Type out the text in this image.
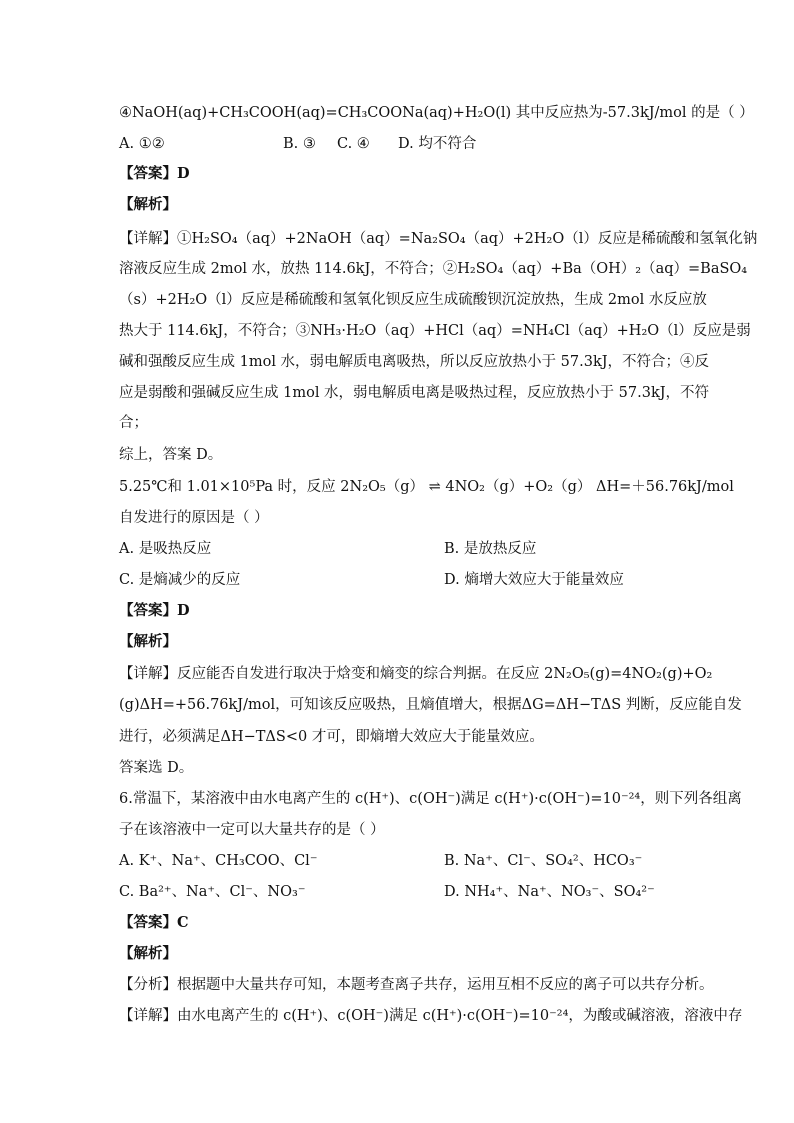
④NaOH(aq)+CH₃COOH(aq)=CH₃COONa(aq)+H₂O(l) 其中反应热为-57.3kJ/mol 的是（ ）
A. ①②	B. ③ C. ④ D. 均不符合
【答案】D
【解析】
【详解】①H₂SO₄（aq）+2NaOH（aq）=Na₂SO₄（aq）+2H₂O（l）反应是稀硫酸和氢氧化钠
溶液反应生成 2mol 水，放热 114.6kJ，不符合；②H₂SO₄（aq）+Ba（OH）₂（aq）=BaSO₄
（s）+2H₂O（l）反应是稀硫酸和氢氧化钡反应生成硫酸钡沉淀放热，生成 2mol 水反应放
热大于 114.6kJ，不符合；③NH₃·H₂O（aq）+HCl（aq）=NH₄Cl（aq）+H₂O（l）反应是弱
碱和强酸反应生成 1mol 水，弱电解质电离吸热，所以反应放热小于 57.3kJ，不符合；④反
应是弱酸和强碱反应生成 1mol 水，弱电解质电离是吸热过程，反应放热小于 57.3kJ，不符
合；
综上，答案 D。
5.25℃和 1.01×10⁵Pa 时，反应 2N₂O₅（g） ⇌ 4NO₂（g）+O₂（g） ΔH=＋56.76kJ/mol
自发进行的原因是（ ）
A. 是吸热反应	B. 是放热反应
C. 是熵减少的反应	D. 熵增大效应大于能量效应
【答案】D
【解析】
【详解】反应能否自发进行取决于焓变和熵变的综合判据。在反应 2N₂O₅(g)=4NO₂(g)+O₂
(g)ΔH=+56.76kJ/mol，可知该反应吸热，且熵值增大，根据ΔG=ΔH−TΔS 判断，反应能自发
进行，必须满足ΔH−TΔS<0 才可，即熵增大效应大于能量效应。
答案选 D。
6.常温下，某溶液中由水电离产生的 c(H⁺)、c(OH⁻)满足 c(H⁺)·c(OH⁻)=10⁻²⁴，则下列各组离
子在该溶液中一定可以大量共存的是（ ）
A. K⁺、Na⁺、CH₃COO、Cl⁻	B. Na⁺、Cl⁻、SO₄²、HCO₃⁻
C. Ba²⁺、Na⁺、Cl⁻、NO₃⁻	D. NH₄⁺、Na⁺、NO₃⁻、SO₄²⁻
【答案】C
【解析】
【分析】根据题中大量共存可知，本题考查离子共存，运用互相不反应的离子可以共存分析。
【详解】由水电离产生的 c(H⁺)、c(OH⁻)满足 c(H⁺)·c(OH⁻)=10⁻²⁴，为酸或碱溶液，溶液中存
